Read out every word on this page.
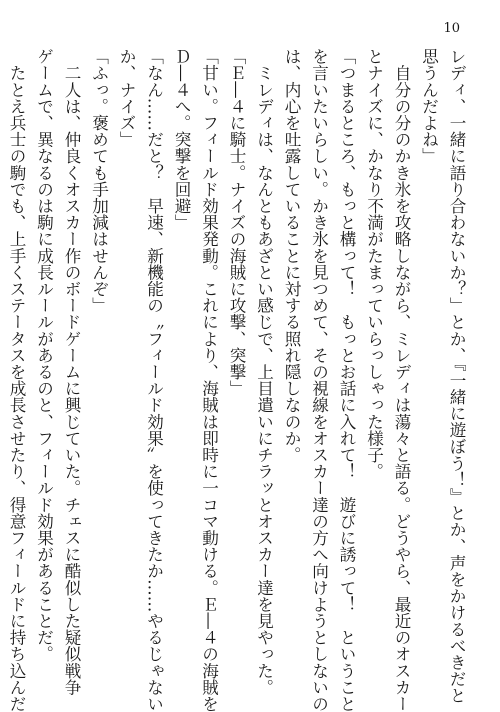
10
レディ、一緒に語り合わないか？」とか、『一緒に遊ぼう！』とか、声をかけるべきだと
思うんだよね」
　自分の分のかき氷を攻略しながら、ミレディは蕩々と語る。どうやら、最近のオスカー
とナイズに、かなり不満がたまっていらっしゃった様子。
「つまるところ、もっと構って！　もっとお話に入れて！　遊びに誘って！　ということ
を言いたいらしい。かき氷を見つめて、その視線をオスカー達の方へ向けようとしないの
は、内心を吐露していることに対する照れ隠しなのか。
　ミレディは、なんともあざとい感じで、上目遣いにチラッとオスカー達を見やった。
「Ｅ―４に騎士。ナイズの海賊に攻撃、突撃」
「甘い。フィールド効果発動。これにより、海賊は即時に一コマ動ける。Ｅ―４の海賊を
Ｄ―４へ。突撃を回避」
「なん……だと？　早速、新機能の〝フィールド効果〟を使ってきたか……やるじゃない
か、ナイズ」
「ふっ。褒めても手加減はせんぞ」
　二人は、仲良くオスカー作のボードゲームに興じていた。チェスに酷似した疑似戦争
ゲームで、異なるのは駒に成長ルールがあるのと、フィールド効果があることだ。
　たとえ兵士の駒でも、上手くステータスを成長させたり、得意フィールドに持ち込んだ
